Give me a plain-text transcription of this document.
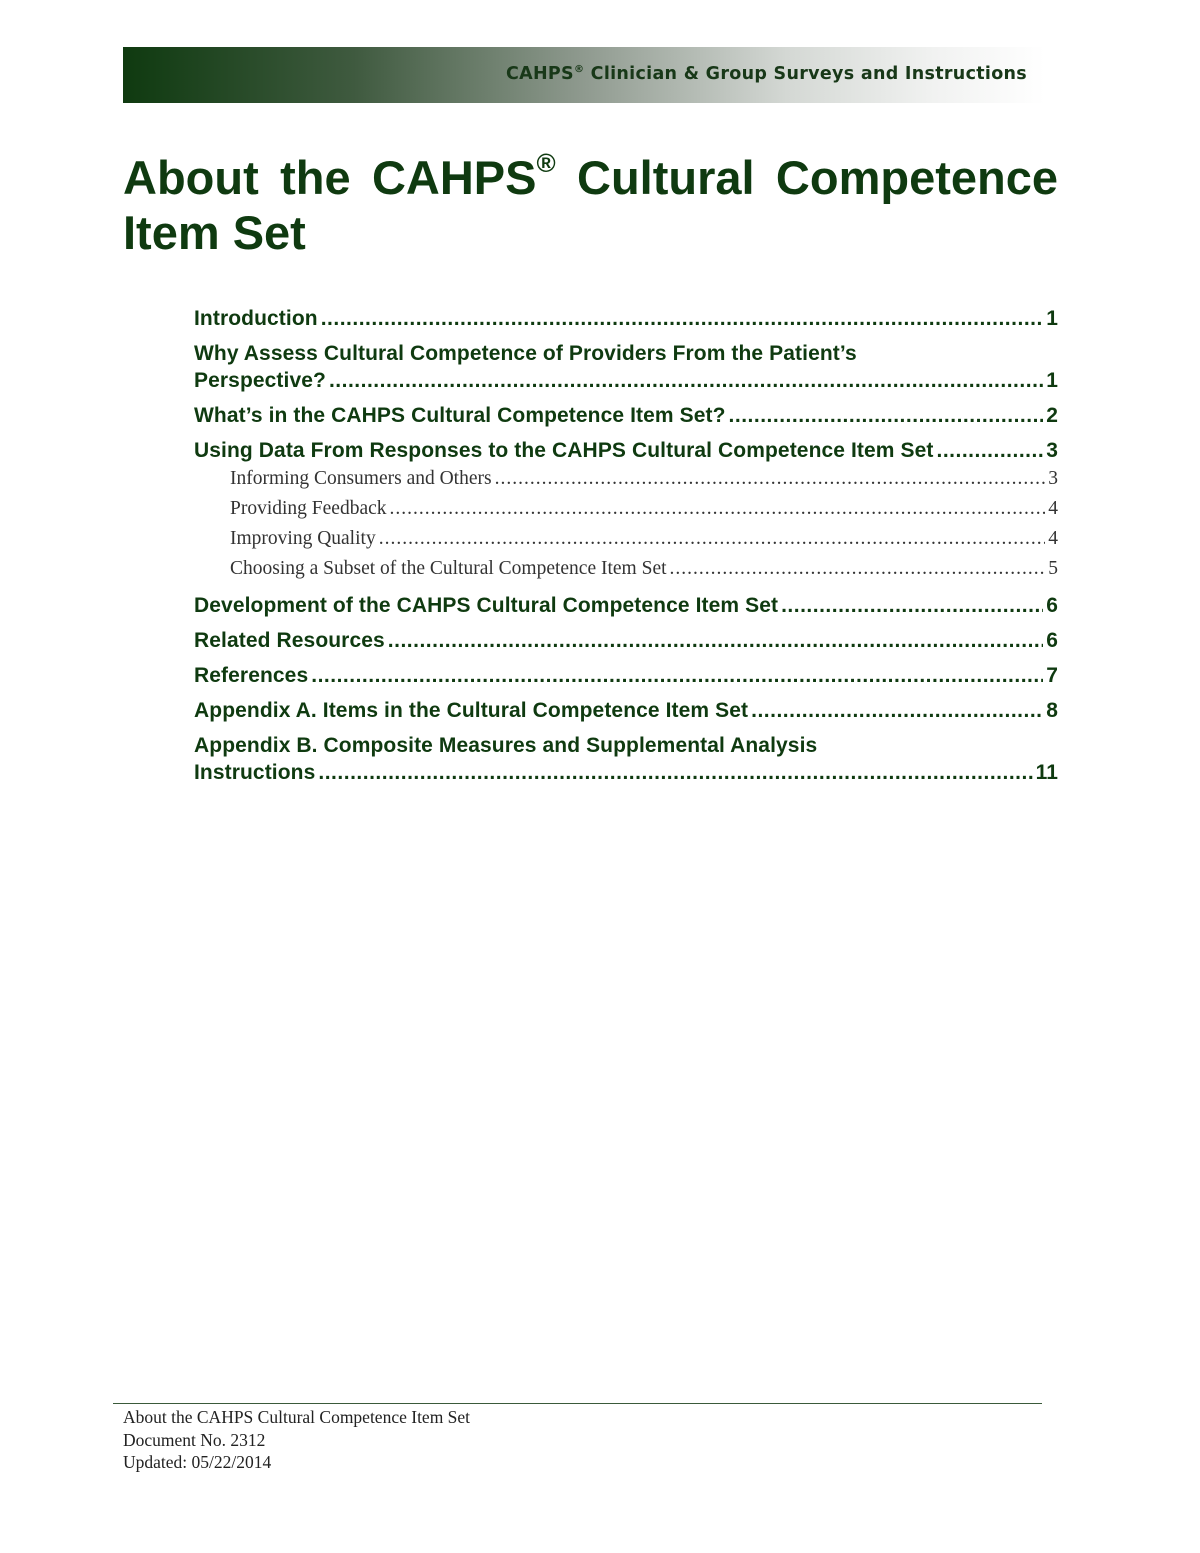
CAHPS® Clinician & Group Surveys and Instructions
About the CAHPS® Cultural Competence
Item Set
Introduction .....	1
Why Assess Cultural Competence of Providers From the Patient’s
Perspective? .....	1
What’s in the CAHPS Cultural Competence Item Set? .....	2
Using Data From Responses to the CAHPS Cultural Competence Item Set .....	3
Informing Consumers and Others .....	3
Providing Feedback .....	4
Improving Quality .....	4
Choosing a Subset of the Cultural Competence Item Set .....	5
Development of the CAHPS Cultural Competence Item Set .....	6
Related Resources .....	6
References .....	7
Appendix A. Items in the Cultural Competence Item Set .....	8
Appendix B. Composite Measures and Supplemental Analysis
Instructions .....	11
About the CAHPS Cultural Competence Item Set
Document No. 2312
Updated: 05/22/2014
